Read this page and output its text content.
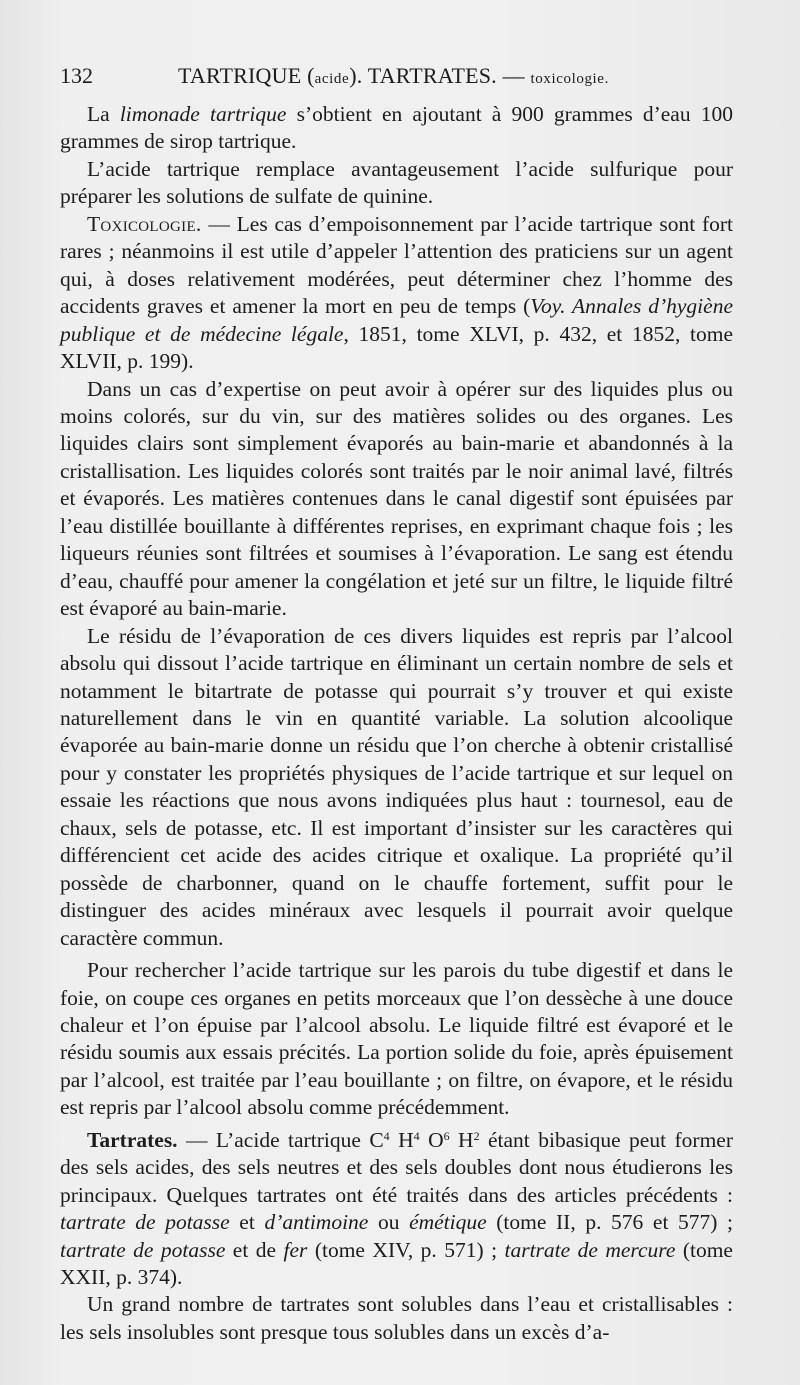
132	TARTRIQUE (acide). TARTRATES. — toxicologie.

La limonade tartrique s’obtient en ajoutant à 900 grammes d’eau 100 grammes de sirop tartrique.

L’acide tartrique remplace avantageusement l’acide sulfurique pour préparer les solutions de sulfate de quinine.

Toxicologie. — Les cas d’empoisonnement par l’acide tartrique sont fort rares ; néanmoins il est utile d’appeler l’attention des praticiens sur un agent qui, à doses relativement modérées, peut déterminer chez l’homme des accidents graves et amener la mort en peu de temps (Voy. Annales d’hygiène publique et de médecine légale, 1851, tome XLVI, p. 432, et 1852, tome XLVII, p. 199).

Dans un cas d’expertise on peut avoir à opérer sur des liquides plus ou moins colorés, sur du vin, sur des matières solides ou des organes. Les liquides clairs sont simplement évaporés au bain-marie et abandonnés à la cristallisation. Les liquides colorés sont traités par le noir animal lavé, filtrés et évaporés. Les matières contenues dans le canal digestif sont épuisées par l’eau distillée bouillante à différentes reprises, en exprimant chaque fois ; les liqueurs réunies sont filtrées et soumises à l’évaporation. Le sang est étendu d’eau, chauffé pour amener la congélation et jeté sur un filtre, le liquide filtré est évaporé au bain-marie.

Le résidu de l’évaporation de ces divers liquides est repris par l’alcool absolu qui dissout l’acide tartrique en éliminant un certain nombre de sels et notamment le bitartrate de potasse qui pourrait s’y trouver et qui existe naturellement dans le vin en quantité variable. La solution alcoolique évaporée au bain-marie donne un résidu que l’on cherche à obtenir cristallisé pour y constater les propriétés physiques de l’acide tartrique et sur lequel on essaie les réactions que nous avons indiquées plus haut : tournesol, eau de chaux, sels de potasse, etc. Il est important d’insister sur les caractères qui différencient cet acide des acides citrique et oxalique. La propriété qu’il possède de charbonner, quand on le chauffe fortement, suffit pour le distinguer des acides minéraux avec lesquels il pourrait avoir quelque caractère commun.

Pour rechercher l’acide tartrique sur les parois du tube digestif et dans le foie, on coupe ces organes en petits morceaux que l’on dessèche à une douce chaleur et l’on épuise par l’alcool absolu. Le liquide filtré est évaporé et le résidu soumis aux essais précités. La portion solide du foie, après épuisement par l’alcool, est traitée par l’eau bouillante ; on filtre, on évapore, et le résidu est repris par l’alcool absolu comme précédemment.

Tartrates. — L’acide tartrique $C^4$ $H^4$ $O^6$ $H^2$ étant bibasique peut former des sels acides, des sels neutres et des sels doubles dont nous étudierons les principaux. Quelques tartrates ont été traités dans des articles précédents : tartrate de potasse et d’antimoine ou émétique (tome II, p. 576 et 577) ; tartrate de potasse et de fer (tome XIV, p. 571) ; tartrate de mercure (tome XXII, p. 374).

Un grand nombre de tartrates sont solubles dans l’eau et cristallisables : les sels insolubles sont presque tous solubles dans un excès d’a-
